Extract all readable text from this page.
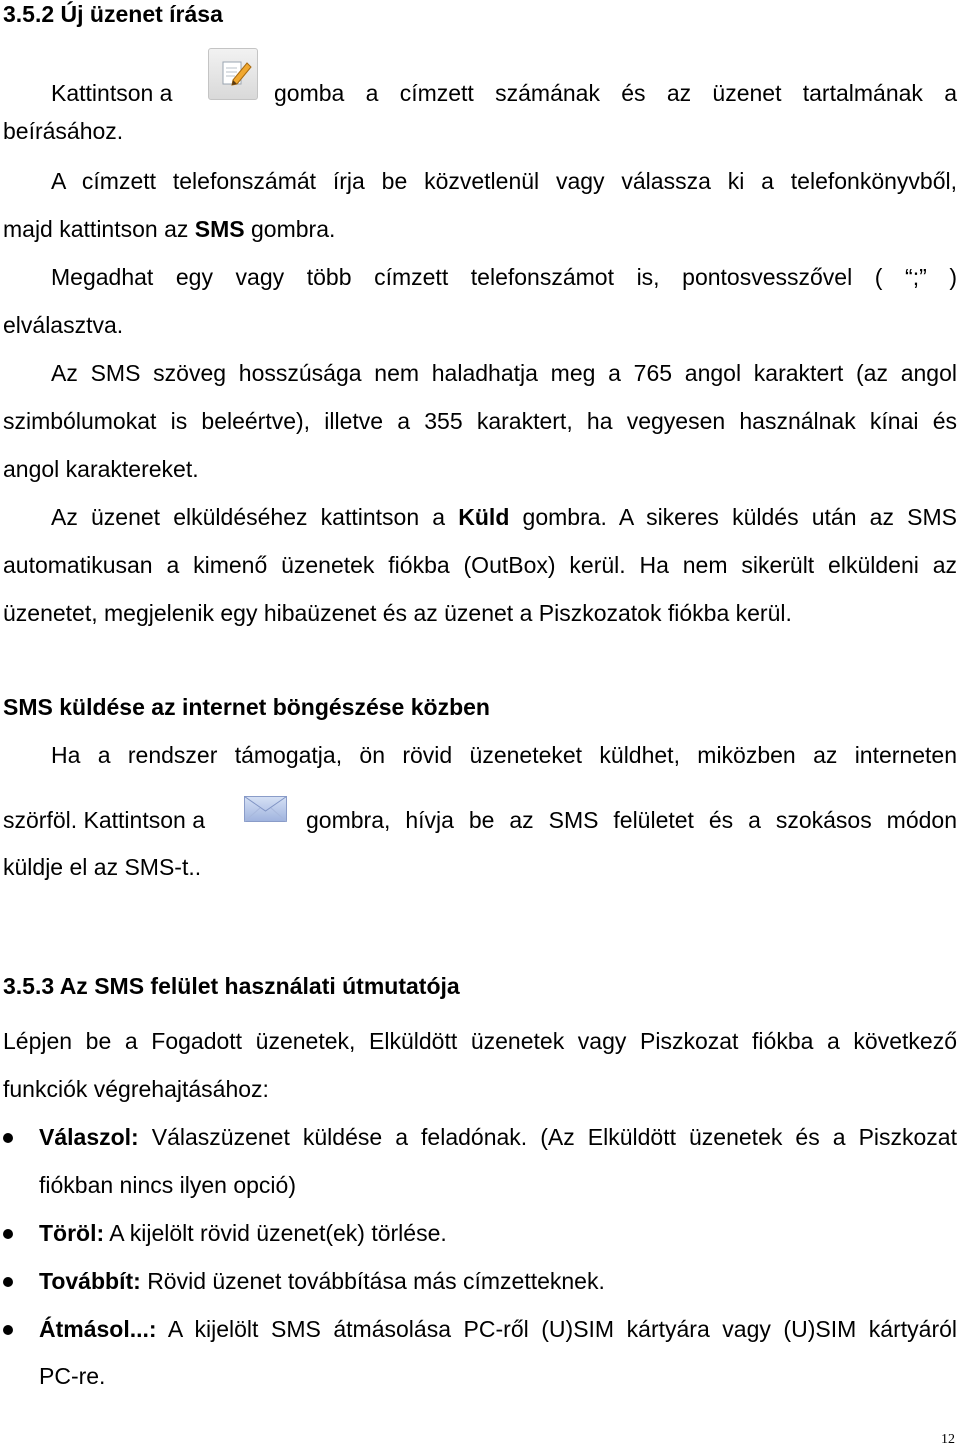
3.5.2 Új üzenet írása
Kattintson a	gomba a címzett számának és az üzenet tartalmának a
beírásához.
A címzett telefonszámát írja be közvetlenül vagy válassza ki a telefonkönyvből,
majd kattintson az SMS gombra.
Megadhat egy vagy több címzett telefonszámot is, pontosvesszővel ( “;” )
elválasztva.
Az SMS szöveg hosszúsága nem haladhatja meg a 765 angol karaktert (az angol
szimbólumokat is beleértve), illetve a 355 karaktert, ha vegyesen használnak kínai és
angol karaktereket.
Az üzenet elküldéséhez kattintson a Küld gombra. A sikeres küldés után az SMS
automatikusan a kimenő üzenetek fiókba (OutBox) kerül. Ha nem sikerült elküldeni az
üzenetet, megjelenik egy hibaüzenet és az üzenet a Piszkozatok fiókba kerül.
SMS küldése az internet böngészése közben
Ha a rendszer támogatja, ön rövid üzeneteket küldhet, miközben az interneten
szörföl. Kattintson a	gombra, hívja be az SMS felületet és a szokásos módon
küldje el az SMS-t..
3.5.3 Az SMS felület használati útmutatója
Lépjen be a Fogadott üzenetek, Elküldött üzenetek vagy Piszkozat fiókba a következő
funkciók végrehajtásához:
Válaszol: Válaszüzenet küldése a feladónak. (Az Elküldött üzenetek és a Piszkozat
fiókban nincs ilyen opció)
Töröl: A kijelölt rövid üzenet(ek) törlése.
Továbbít: Rövid üzenet továbbítása más címzetteknek.
Átmásol...: A kijelölt SMS átmásolása PC-ről (U)SIM kártyára vagy (U)SIM kártyáról
PC-re.
12
